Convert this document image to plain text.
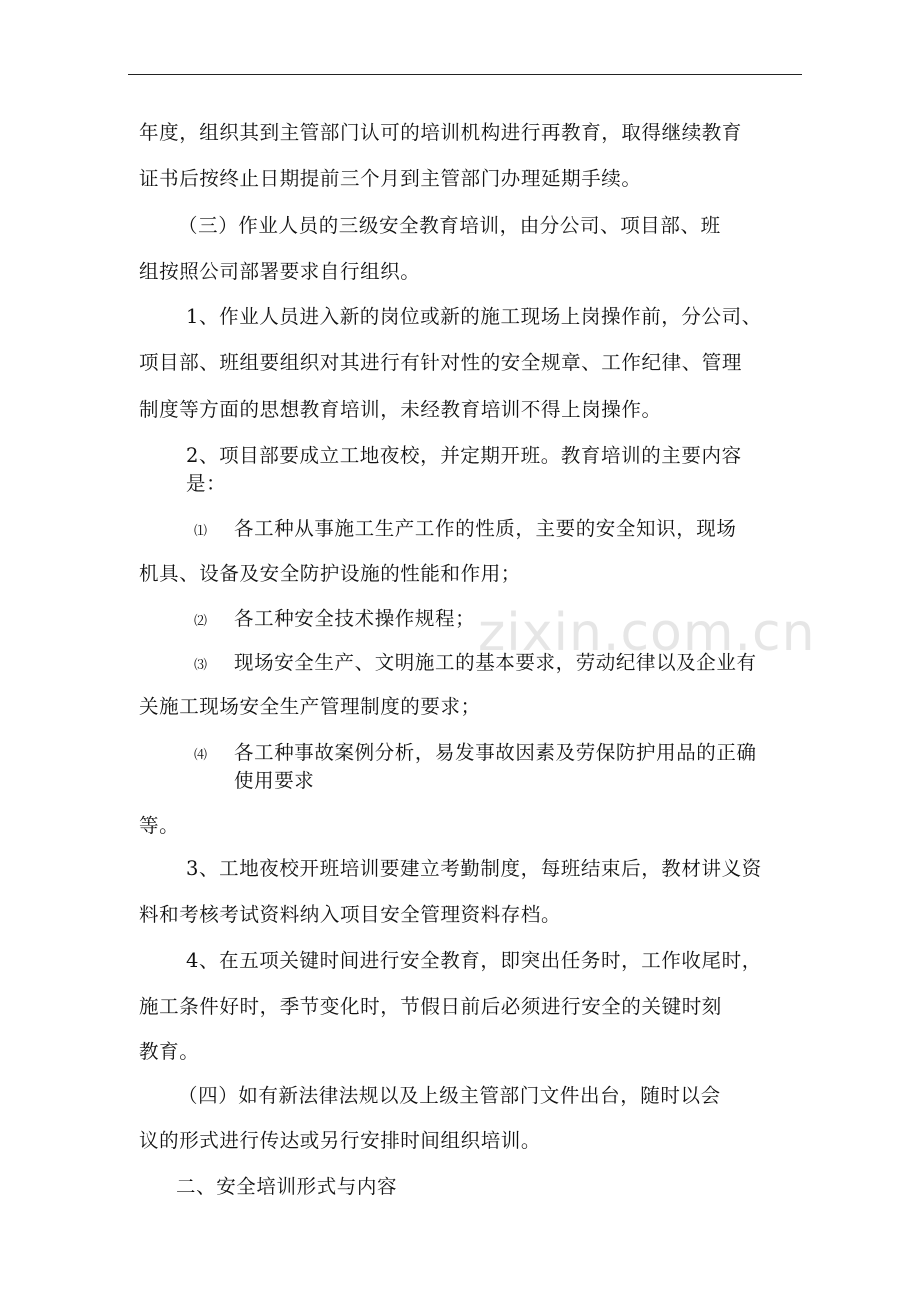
zixin.com.cn
年度，组织其到主管部门认可的培训机构进行再教育，取得继续教育
证书后按终止日期提前三个月到主管部门办理延期手续。
（三）作业人员的三级安全教育培训，由分公司、项目部、班
组按照公司部署要求自行组织。
1、作业人员进入新的岗位或新的施工现场上岗操作前，分公司、
项目部、班组要组织对其进行有针对性的安全规章、工作纪律、管理
制度等方面的思想教育培训，未经教育培训不得上岗操作。
2、项目部要成立工地夜校，并定期开班。教育培训的主要内容
是：
⑴ 各工种从事施工生产工作的性质，主要的安全知识，现场
机具、设备及安全防护设施的性能和作用；
⑵ 各工种安全技术操作规程；
⑶ 现场安全生产、文明施工的基本要求，劳动纪律以及企业有
关施工现场安全生产管理制度的要求；
⑷ 各工种事故案例分析，易发事故因素及劳保防护用品的正确
使用要求
等。
3、工地夜校开班培训要建立考勤制度，每班结束后，教材讲义资
料和考核考试资料纳入项目安全管理资料存档。
4、在五项关键时间进行安全教育，即突出任务时，工作收尾时，
施工条件好时，季节变化时，节假日前后必须进行安全的关键时刻
教育。
（四）如有新法律法规以及上级主管部门文件出台，随时以会
议的形式进行传达或另行安排时间组织培训。
二、安全培训形式与内容
